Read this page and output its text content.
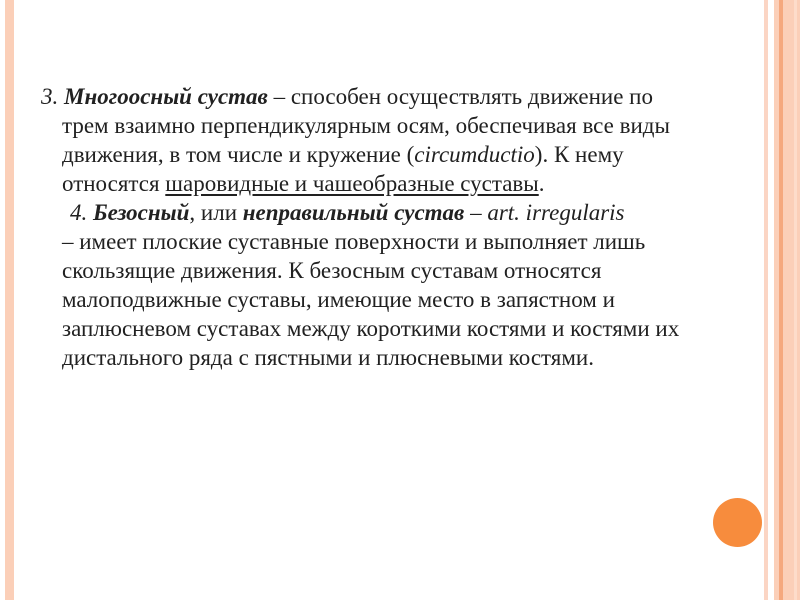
3. Многоосный сустав – способен осуществлять движение по
трем взаимно перпендикулярным осям, обеспечивая все виды
движения, в том числе и кружение (circumductio). К нему
относятся шаровидные и чашеобразные суставы.
4. Безосный, или неправильный сустав – art. irregularis
– имеет плоские суставные поверхности и выполняет лишь
скользящие движения. К безосным суставам относятся
малоподвижные суставы, имеющие место в запястном и
заплюсневом суставах между короткими костями и костями их
дистального ряда с пястными и плюсневыми костями.
